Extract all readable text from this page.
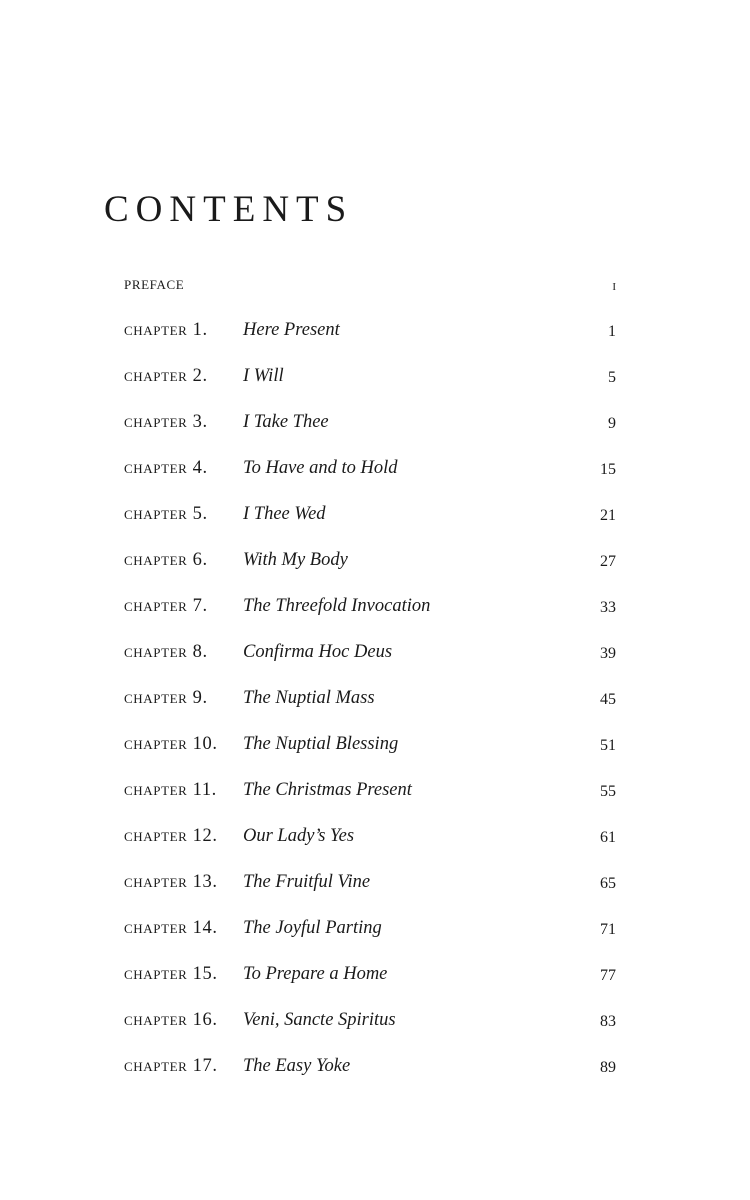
CONTENTS
preface	i
chapter 1. Here Present	1
chapter 2. I Will	5
chapter 3. I Take Thee	9
chapter 4. To Have and to Hold	15
chapter 5. I Thee Wed	21
chapter 6. With My Body	27
chapter 7. The Threefold Invocation	33
chapter 8. Confirma Hoc Deus	39
chapter 9. The Nuptial Mass	45
chapter 10. The Nuptial Blessing	51
chapter 11. The Christmas Present	55
chapter 12. Our Lady’s Yes	61
chapter 13. The Fruitful Vine	65
chapter 14. The Joyful Parting	71
chapter 15. To Prepare a Home	77
chapter 16. Veni, Sancte Spiritus	83
chapter 17. The Easy Yoke	89
